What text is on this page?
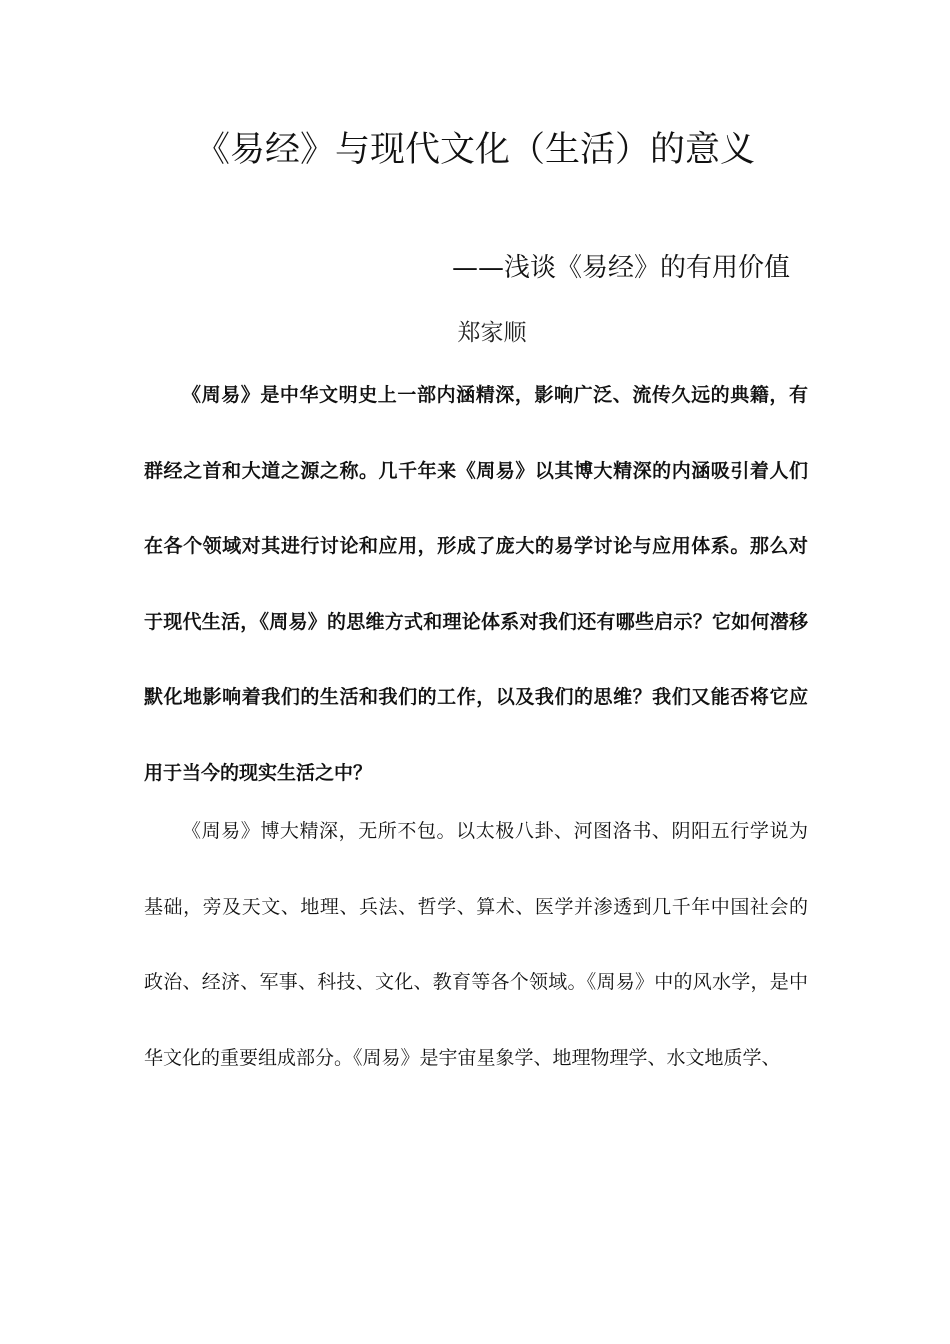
《易经》与现代文化（生活）的意义

——浅谈《易经》的有用价值

郑家顺

《周易》是中华文明史上一部内涵精深，影响广泛、流传久远的典籍，有群经之首和大道之源之称。几千年来《周易》以其博大精深的内涵吸引着人们在各个领域对其进行讨论和应用，形成了庞大的易学讨论与应用体系。那么对于现代生活，《周易》的思维方式和理论体系对我们还有哪些启示？它如何潜移默化地影响着我们的生活和我们的工作，以及我们的思维？我们又能否将它应用于当今的现实生活之中？

《周易》博大精深，无所不包。以太极八卦、河图洛书、阴阳五行学说为基础，旁及天文、地理、兵法、哲学、算术、医学并渗透到几千年中国社会的政治、经济、军事、科技、文化、教育等各个领域。《周易》中的风水学，是中华文化的重要组成部分。《周易》是宇宙星象学、地理物理学、水文地质学、
